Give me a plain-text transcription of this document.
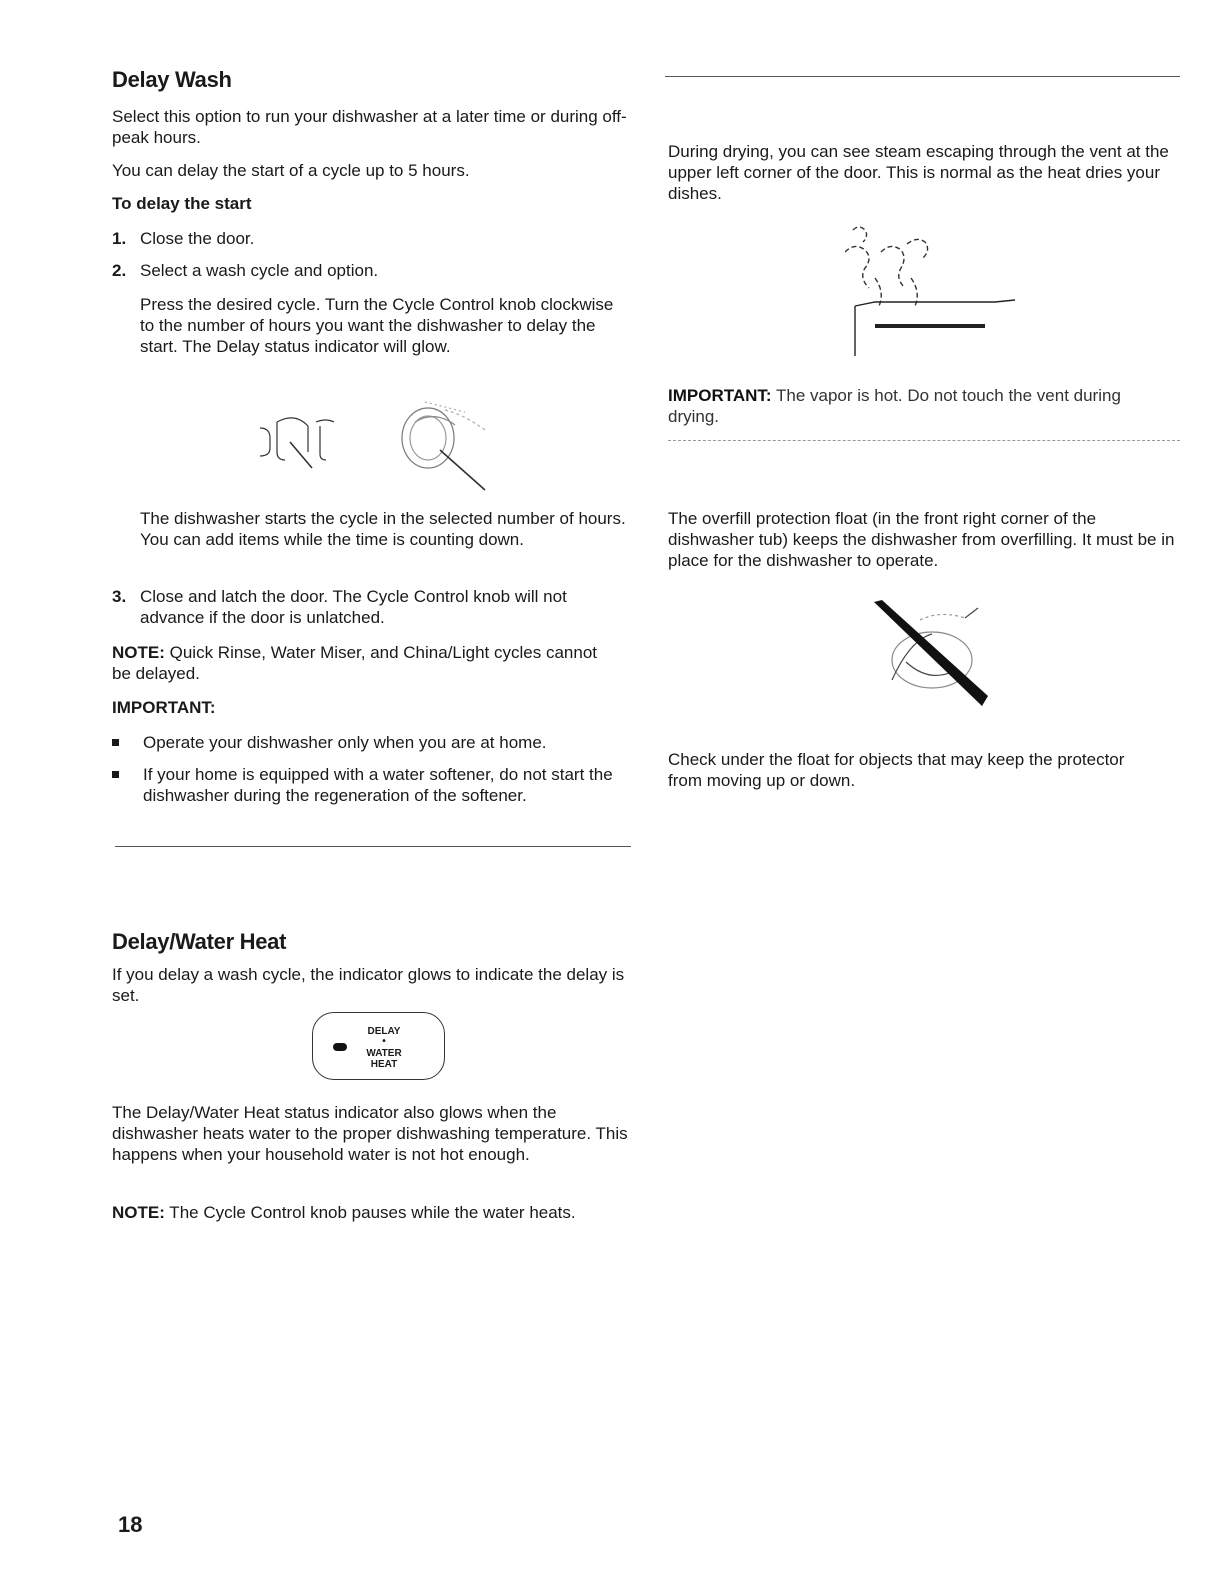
Delay Wash

Select this option to run your dishwasher at a later time or during off-peak hours.

You can delay the start of a cycle up to 5 hours.

To delay the start

1. Close the door.

2. Select a wash cycle and option.

Press the desired cycle. Turn the Cycle Control knob clockwise to the number of hours you want the dishwasher to delay the start. The Delay status indicator will glow.

The dishwasher starts the cycle in the selected number of hours. You can add items while the time is counting down.

3. Close and latch the door. The Cycle Control knob will not advance if the door is unlatched.

NOTE: Quick Rinse, Water Miser, and China/Light cycles cannot be delayed.

IMPORTANT:

Operate your dishwasher only when you are at home.

If your home is equipped with a water softener, do not start the dishwasher during the regeneration of the softener.

Delay/Water Heat

If you delay a wash cycle, the indicator glows to indicate the delay is set.

DELAY
•
WATER
HEAT

The Delay/Water Heat status indicator also glows when the dishwasher heats water to the proper dishwashing temperature. This happens when your household water is not hot enough.

NOTE: The Cycle Control knob pauses while the water heats.

During drying, you can see steam escaping through the vent at the upper left corner of the door. This is normal as the heat dries your dishes.

IMPORTANT: The vapor is hot. Do not touch the vent during drying.

The overfill protection float (in the front right corner of the dishwasher tub) keeps the dishwasher from overfilling. It must be in place for the dishwasher to operate.

Check under the float for objects that may keep the protector from moving up or down.

18
